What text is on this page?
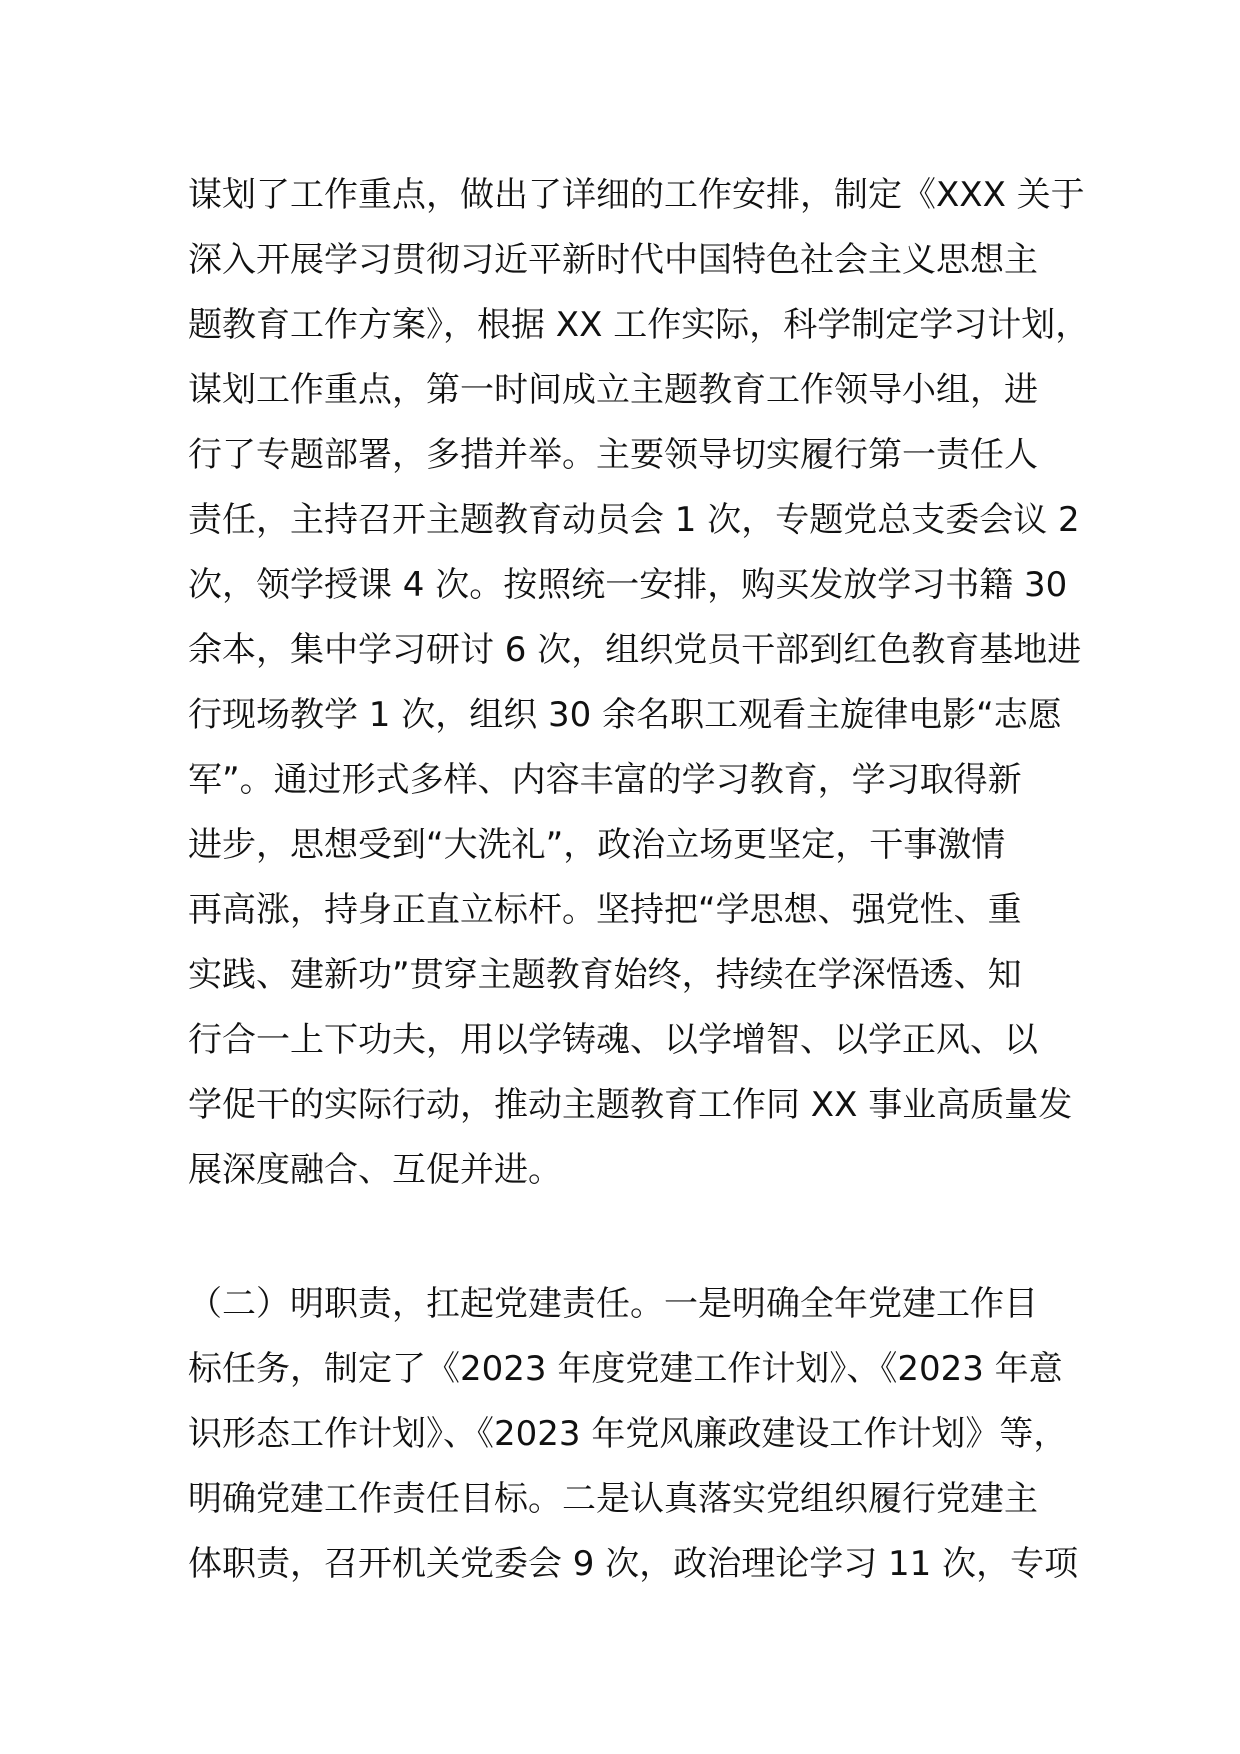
谋划了工作重点，做出了详细的工作安排，制定《XXX 关于
深入开展学习贯彻习近平新时代中国特色社会主义思想主
题教育工作方案》，根据 XX 工作实际，科学制定学习计划，
谋划工作重点，第一时间成立主题教育工作领导小组，进
行了专题部署，多措并举。主要领导切实履行第一责任人
责任，主持召开主题教育动员会 1 次，专题党总支委会议 2
次，领学授课 4 次。按照统一安排，购买发放学习书籍 30
余本，集中学习研讨 6 次，组织党员干部到红色教育基地进
行现场教学 1 次，组织 30 余名职工观看主旋律电影“志愿
军”。通过形式多样、内容丰富的学习教育，学习取得新
进步，思想受到“大洗礼”，政治立场更坚定，干事激情
再高涨，持身正直立标杆。坚持把“学思想、强党性、重
实践、建新功”贯穿主题教育始终，持续在学深悟透、知
行合一上下功夫，用以学铸魂、以学增智、以学正风、以
学促干的实际行动，推动主题教育工作同 XX 事业高质量发
展深度融合、互促并进。
（二）明职责，扛起党建责任。一是明确全年党建工作目
标任务，制定了《2023 年度党建工作计划》、《2023 年意
识形态工作计划》、《2023 年党风廉政建设工作计划》等，
明确党建工作责任目标。二是认真落实党组织履行党建主
体职责，召开机关党委会 9 次，政治理论学习 11 次，专项
